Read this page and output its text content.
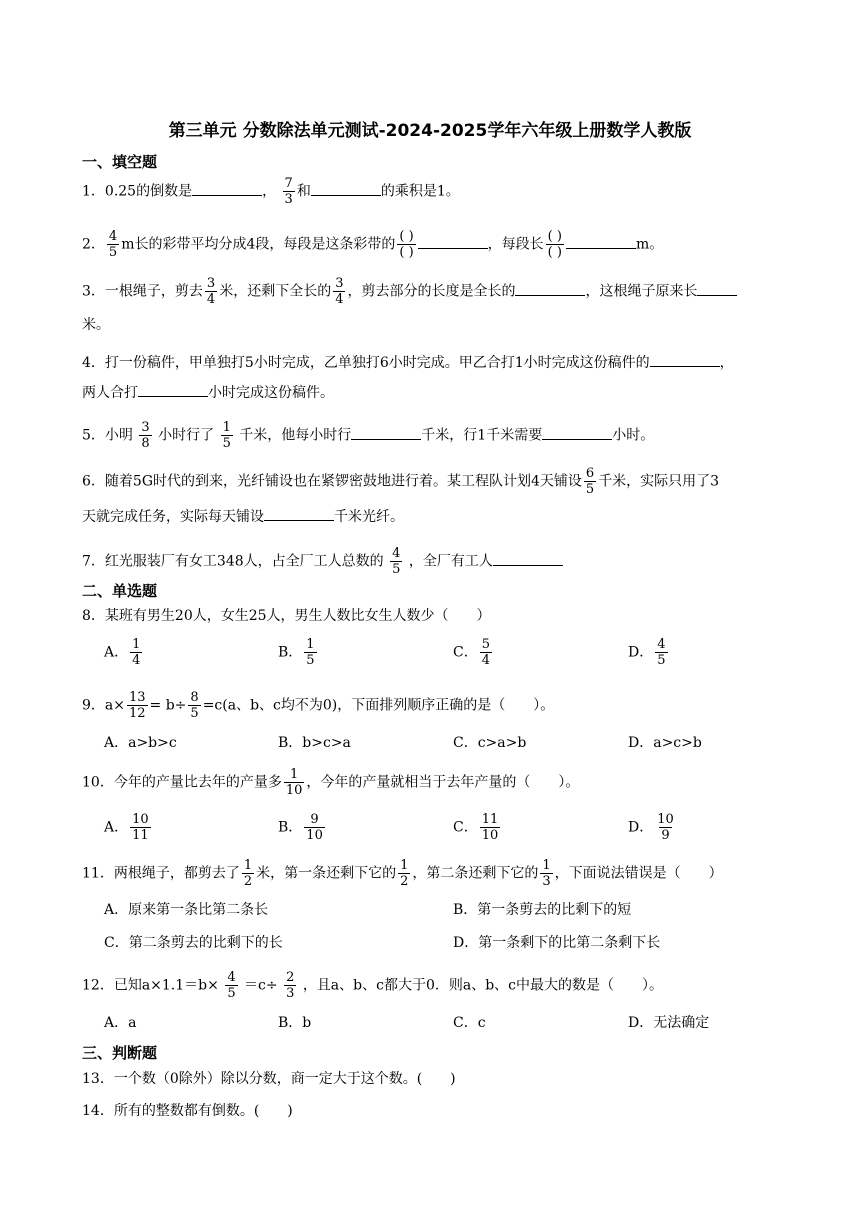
第三单元 分数除法单元测试-2024-2025学年六年级上册数学人教版
一、填空题
1．0.25的倒数是	， $\frac{7}{3}$ 和	的乘积是1。
2． $\frac{4}{5}$ m长的彩带平均分成4段，每段是这条彩带的 ( )
( )	，每段长 ( )
( )	m。
3．一根绳子，剪去 $\frac{3}{4}$ 米，还剩下全长的 $\frac{3}{4}$ ，剪去部分的长度是全长的	，这根绳子原来长
米。
4．打一份稿件，甲单独打5小时完成，乙单独打6小时完成。甲乙合打1小时完成这份稿件的	，
两人合打	小时完成这份稿件。
5．小明 $\frac{3}{8}$ 小时行了 $\frac{1}{5}$ 千米，他每小时行	千米，行1千米需要	小时。
6．随着5G时代的到来，光纤铺设也在紧锣密鼓地进行着。某工程队计划4天铺设 $\frac{6}{5}$ 千米，实际只用了3
天就完成任务，实际每天铺设	千米光纤。
7．红光服装厂有女工348人，占全厂工人总数的 $\frac{4}{5}$ ，全厂有工人
二、单选题
8．某班有男生20人，女生25人，男生人数比女生人数少（　　）
A． $\frac{1}{4}$	B． $\frac{1}{5}$	C． $\frac{5}{4}$	D． $\frac{4}{5}$
9．$a\times \frac{13}{12} = b\div \frac{8}{5} =c(a$、b、c均不为0)，下面排列顺序正确的是（　　）。
A．a>b>c	B．b>c>a	C．c>a>b	D．a>c>b
10．今年的产量比去年的产量多 $\frac{1}{10}$ ，今年的产量就相当于去年产量的（　　）。
A． $\frac{10}{11}$	B． $\frac{9}{10}$	C． $\frac{11}{10}$	D． $\frac{10}{9}$
11．两根绳子，都剪去了 $\frac{1}{2}$ 米，第一条还剩下它的 $\frac{1}{2}$ ，第二条还剩下它的 $\frac{1}{3}$ ，下面说法错误是（　　）
A．原来第一条比第二条长	B．第一条剪去的比剩下的短
C．第二条剪去的比剩下的长	D．第一条剩下的比第二条剩下长
12．已知$a\times 1.1=b\times \frac{4}{5} =c\div \frac{2}{3}$ ，且a、b、c都大于0．则a、b、c中最大的数是（　　）。
A．a	B．b	C．c	D．无法确定
三、判断题
13．一个数（0除外）除以分数，商一定大于这个数。(　　)
14．所有的整数都有倒数。(　　)
